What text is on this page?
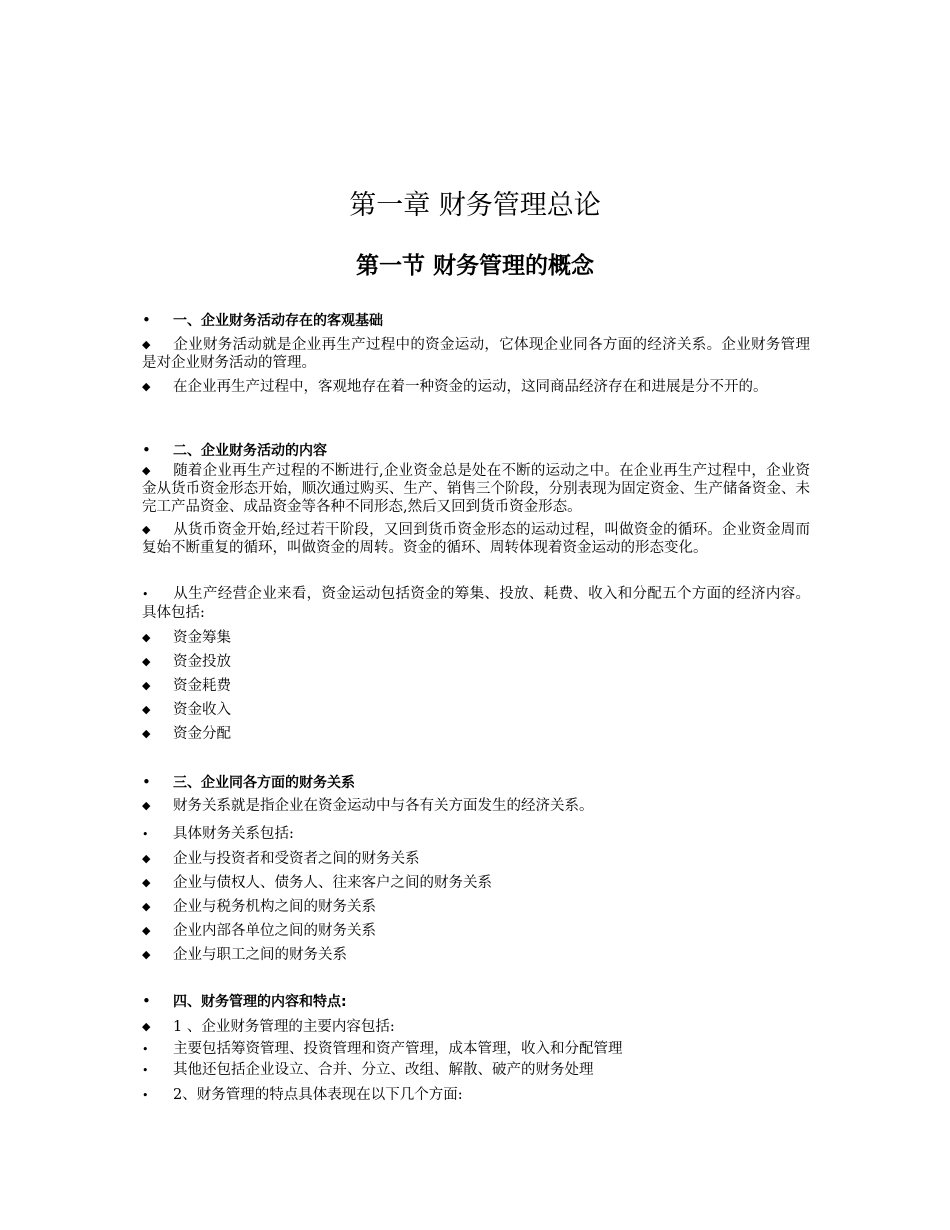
第一章 财务管理总论
第一节 财务管理的概念
• 一、企业财务活动存在的客观基础
◆ 企业财务活动就是企业再生产过程中的资金运动，它体现企业同各方面的经济关系。企业财务管理是对企业财务活动的管理。
◆ 在企业再生产过程中，客观地存在着一种资金的运动，这同商品经济存在和进展是分不开的。
• 二、企业财务活动的内容
◆ 随着企业再生产过程的不断进行,企业资金总是处在不断的运动之中。在企业再生产过程中，企业资金从货币资金形态开始，顺次通过购买、生产、销售三个阶段，分别表现为固定资金、生产储备资金、未完工产品资金、成品资金等各种不同形态,然后又回到货币资金形态。
◆ 从货币资金开始,经过若干阶段，又回到货币资金形态的运动过程，叫做资金的循环。企业资金周而复始不断重复的循环，叫做资金的周转。资金的循环、周转体现着资金运动的形态变化。
• 从生产经营企业来看，资金运动包括资金的筹集、投放、耗费、收入和分配五个方面的经济内容。具体包括:
◆ 资金筹集
◆ 资金投放
◆ 资金耗费
◆ 资金收入
◆ 资金分配
• 三、企业同各方面的财务关系
◆ 财务关系就是指企业在资金运动中与各有关方面发生的经济关系。
• 具体财务关系包括:
◆ 企业与投资者和受资者之间的财务关系
◆ 企业与债权人、债务人、往来客户之间的财务关系
◆ 企业与税务机构之间的财务关系
◆ 企业内部各单位之间的财务关系
◆ 企业与职工之间的财务关系
• 四、财务管理的内容和特点:
◆ 1 、企业财务管理的主要内容包括:
• 主要包括筹资管理、投资管理和资产管理，成本管理，收入和分配管理
• 其他还包括企业设立、合并、分立、改组、解散、破产的财务处理
• 2、财务管理的特点具体表现在以下几个方面:
